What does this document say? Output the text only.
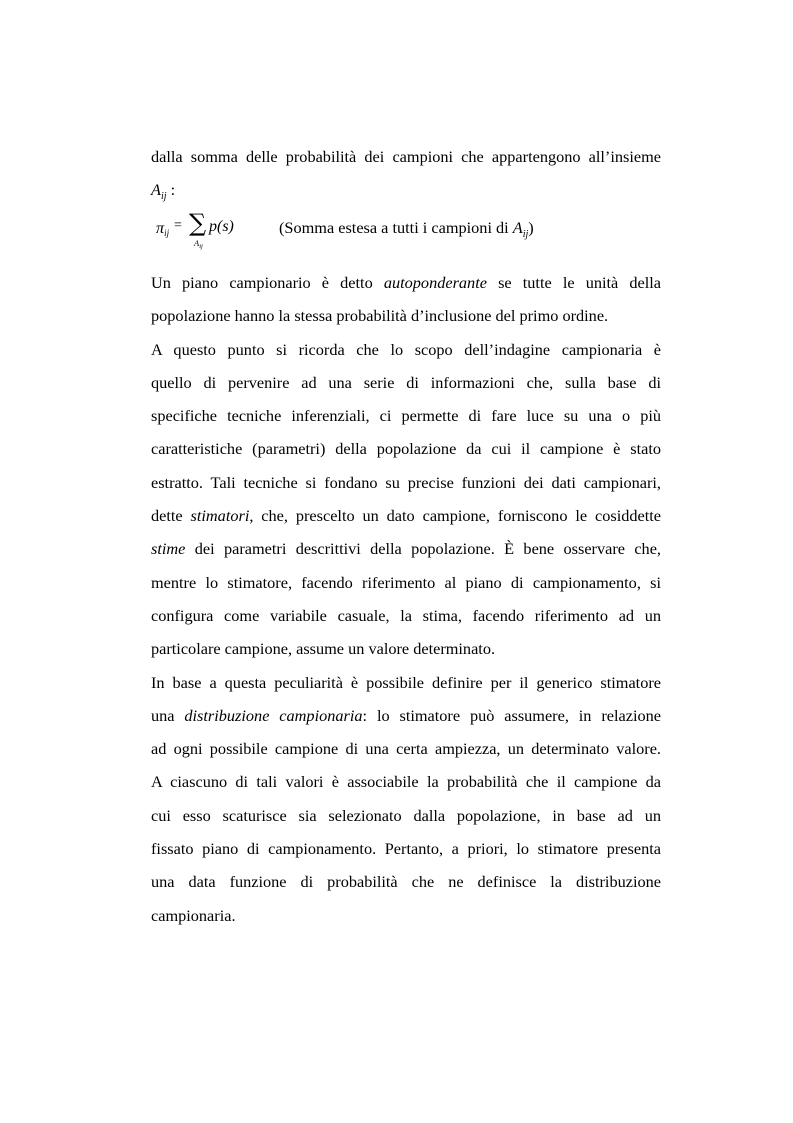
dalla somma delle probabilità dei campioni che appartengono all’insieme
$A_{ij}$ :
πij = ∑
$A_{ij}$
p(s)	(Somma estesa a tutti i campioni di $A_{ij}$)
Un piano campionario è detto autoponderante se tutte le unità della
popolazione hanno la stessa probabilità d’inclusione del primo ordine.
A questo punto si ricorda che lo scopo dell’indagine campionaria è
quello di pervenire ad una serie di informazioni che, sulla base di
specifiche tecniche inferenziali, ci permette di fare luce su una o più
caratteristiche (parametri) della popolazione da cui il campione è stato
estratto. Tali tecniche si fondano su precise funzioni dei dati campionari,
dette stimatori, che, prescelto un dato campione, forniscono le cosiddette
stime dei parametri descrittivi della popolazione. È bene osservare che,
mentre lo stimatore, facendo riferimento al piano di campionamento, si
configura come variabile casuale, la stima, facendo riferimento ad un
particolare campione, assume un valore determinato.
In base a questa peculiarità è possibile definire per il generico stimatore
una distribuzione campionaria: lo stimatore può assumere, in relazione
ad ogni possibile campione di una certa ampiezza, un determinato valore.
A ciascuno di tali valori è associabile la probabilità che il campione da
cui esso scaturisce sia selezionato dalla popolazione, in base ad un
fissato piano di campionamento. Pertanto, a priori, lo stimatore presenta
una data funzione di probabilità che ne definisce la distribuzione
campionaria.
